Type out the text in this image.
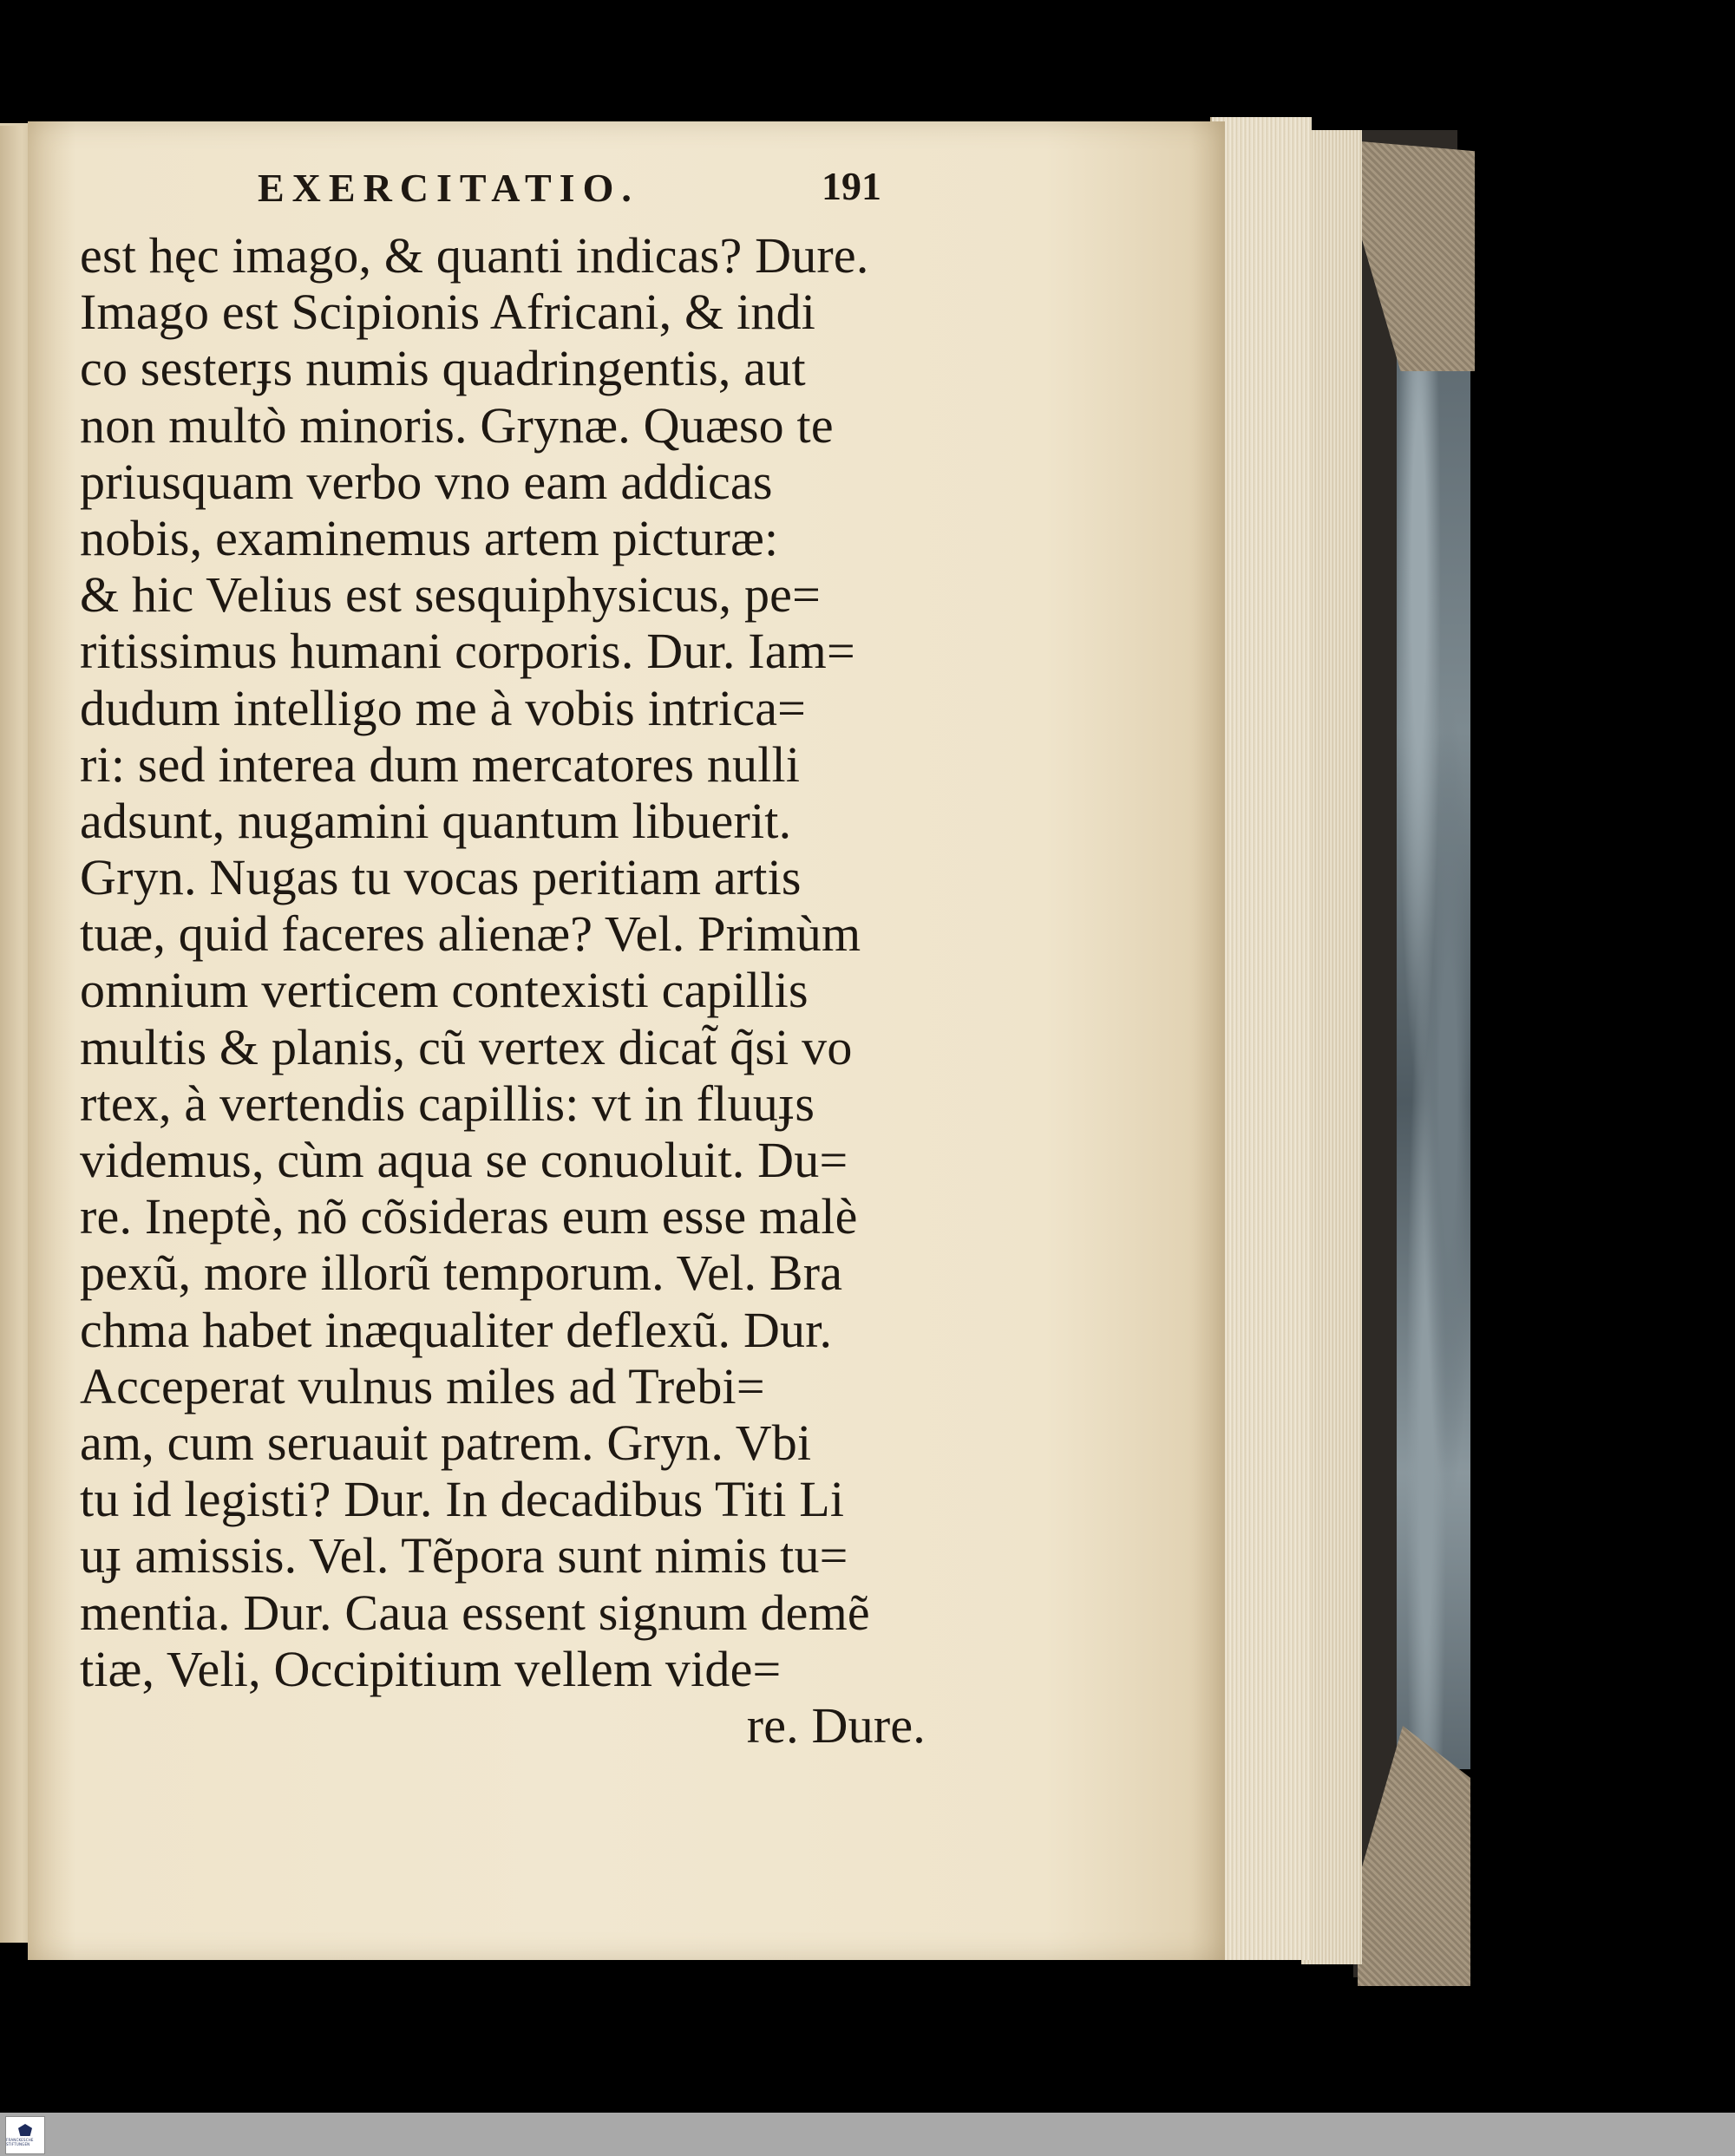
EXERCITATIO.	191
est hęc imago, & quanti indicas? Dure.
Imago est Scipionis Africani, & indi
co sesterɟs numis quadringentis, aut
non multò minoris. Grynæ. Quæso te
priusquam verbo vno eam addicas
nobis, examinemus artem picturæ:
& hic Velius est sesquiphysicus, pe=
ritissimus humani corporis. Dur. Iam=
dudum intelligo me à vobis intrica=
ri: sed interea dum mercatores nulli
adsunt, nugamini quantum libuerit.
Gryn. Nugas tu vocas peritiam artis
tuæ, quid faceres alienæ? Vel. Primùm
omnium verticem contexisti capillis
multis & planis, cũ vertex dicat̃ q̃si vo
rtex, à vertendis capillis: vt in fluuɟs
videmus, cùm aqua se conuoluit. Du=
re. Ineptè, nõ cõsideras eum esse malè
pexũ, more illorũ temporum. Vel. Bra
chma habet inæqualiter deflexũ. Dur.
Acceperat vulnus miles ad Trebi=
am, cum seruauit patrem. Gryn. Vbi
tu id legisti? Dur. In decadibus Titi Li
uɟ amissis. Vel. Tẽpora sunt nimis tu=
mentia. Dur. Caua essent signum demẽ
tiæ, Veli, Occipitium vellem vide=
re. Dure.
FRANCKESCHE STIFTUNGEN
